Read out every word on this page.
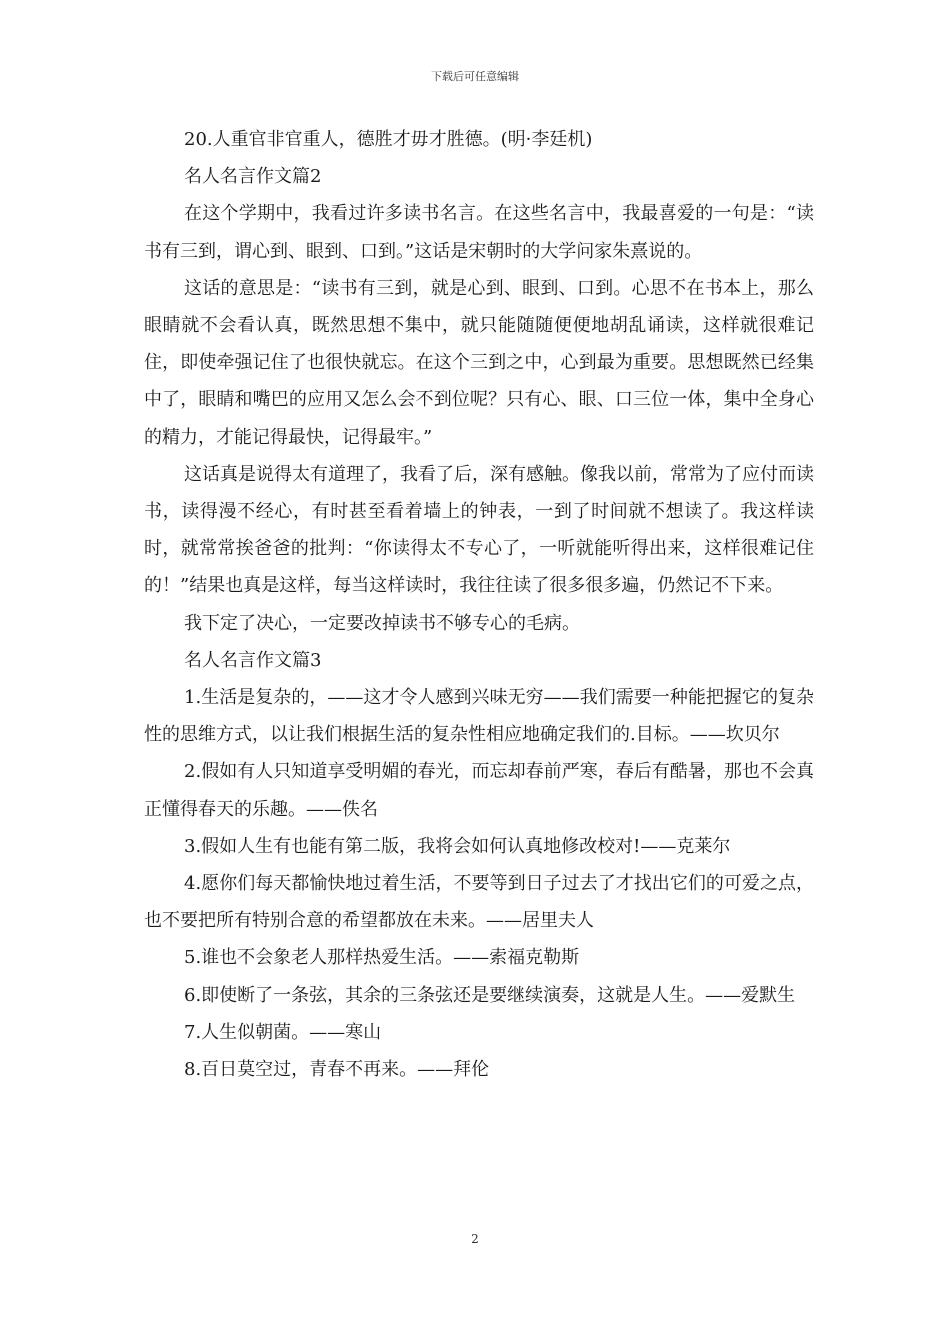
下载后可任意编辑

20.人重官非官重人，德胜才毋才胜德。(明·李廷机)

名人名言作文篇2

在这个学期中，我看过许多读书名言。在这些名言中，我最喜爱的一句是：“读书有三到，谓心到、眼到、口到。”这话是宋朝时的大学问家朱熹说的。

这话的意思是：“读书有三到，就是心到、眼到、口到。心思不在书本上，那么眼睛就不会看认真，既然思想不集中，就只能随随便便地胡乱诵读，这样就很难记住，即使牵强记住了也很快就忘。在这个三到之中，心到最为重要。思想既然已经集中了，眼睛和嘴巴的应用又怎么会不到位呢？只有心、眼、口三位一体，集中全身心的精力，才能记得最快，记得最牢。”

这话真是说得太有道理了，我看了后，深有感触。像我以前，常常为了应付而读书，读得漫不经心，有时甚至看着墙上的钟表，一到了时间就不想读了。我这样读时，就常常挨爸爸的批判：“你读得太不专心了，一听就能听得出来，这样很难记住的！”结果也真是这样，每当这样读时，我往往读了很多很多遍，仍然记不下来。

我下定了决心，一定要改掉读书不够专心的毛病。

名人名言作文篇3

1.生活是复杂的，——这才令人感到兴味无穷——我们需要一种能把握它的复杂性的思维方式，以让我们根据生活的复杂性相应地确定我们的.目标。——坎贝尔

2.假如有人只知道享受明媚的春光，而忘却春前严寒，春后有酷暑，那也不会真正懂得春天的乐趣。——佚名

3.假如人生有也能有第二版，我将会如何认真地修改校对!——克莱尔

4.愿你们每天都愉快地过着生活，不要等到日子过去了才找出它们的可爱之点，也不要把所有特别合意的希望都放在未来。——居里夫人

5.谁也不会象老人那样热爱生活。——索福克勒斯

6.即使断了一条弦，其余的三条弦还是要继续演奏，这就是人生。——爱默生

7.人生似朝菌。——寒山

8.百日莫空过，青春不再来。——拜伦

2
